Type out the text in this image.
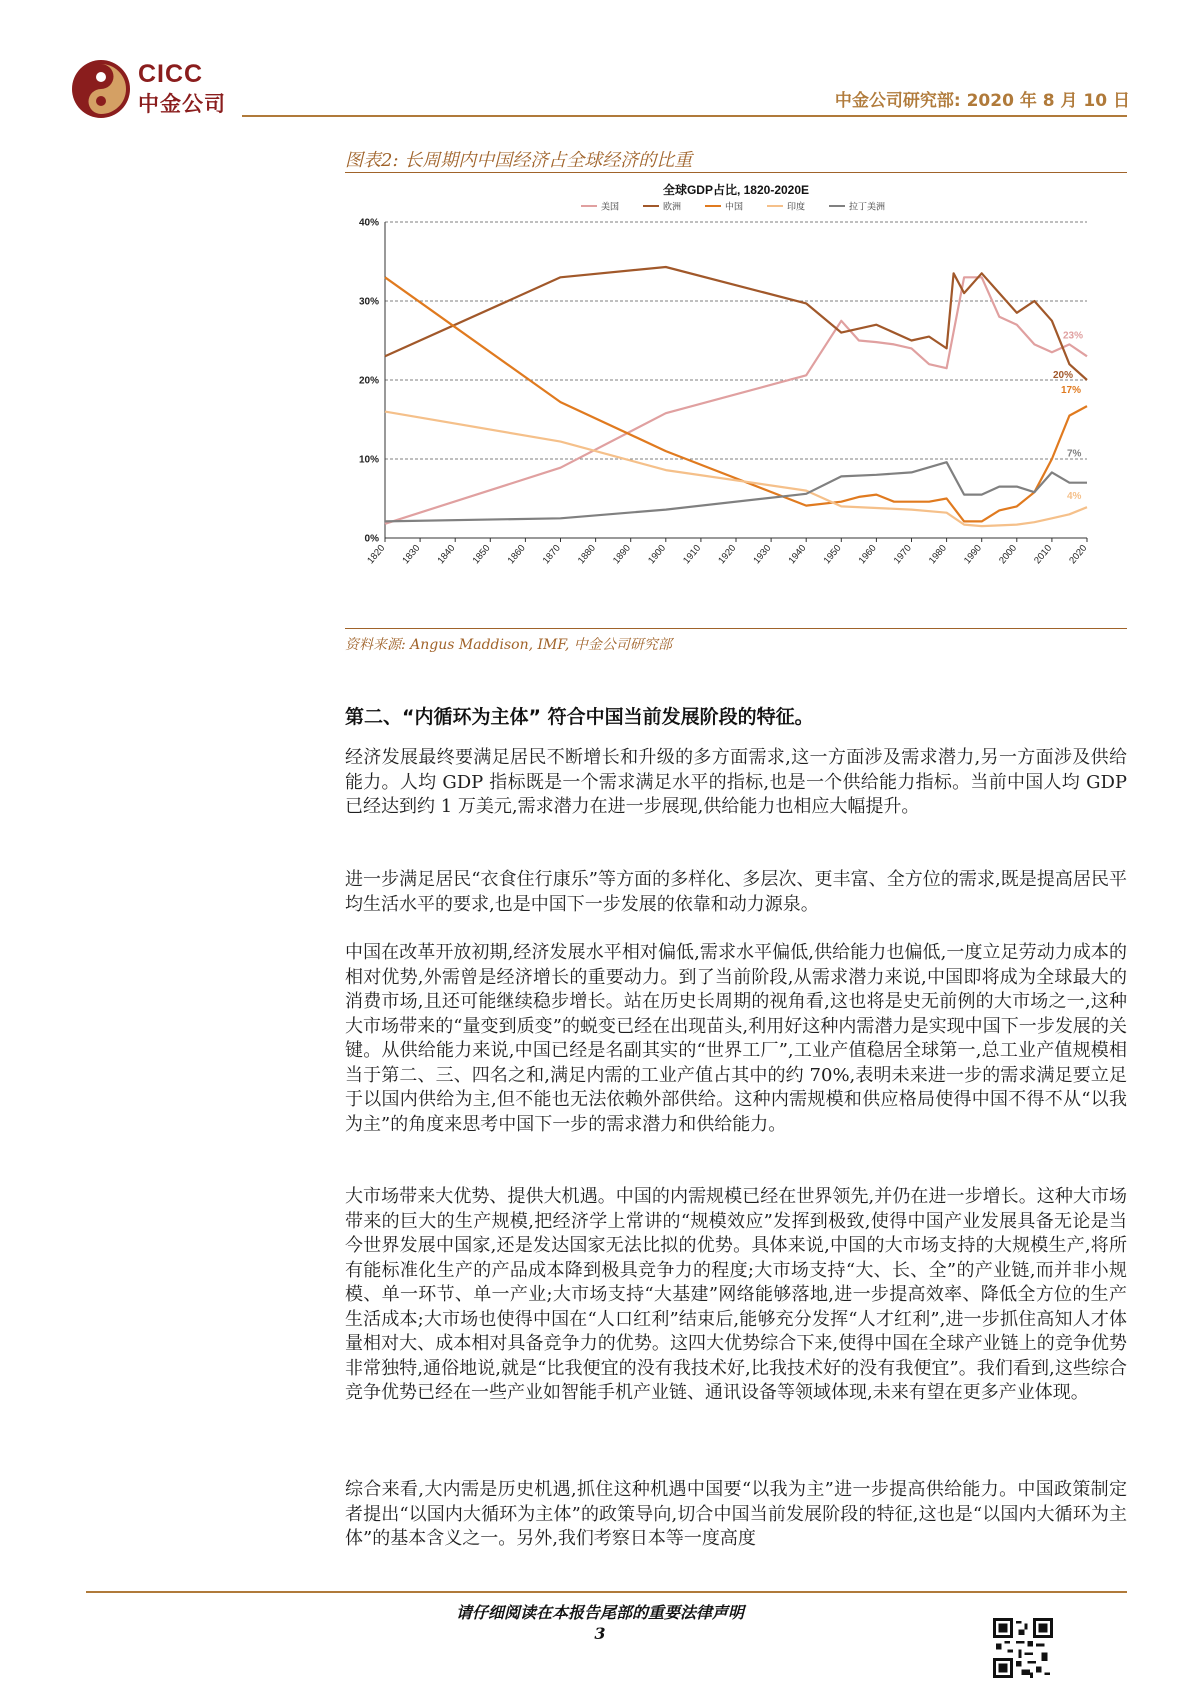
CICC
中金公司	中金公司研究部: 2020 年 8 月 10 日
图表2: 长周期内中国经济占全球经济的比重
全球GDP占比, 1820-2020E
美国	欧洲	中国	印度	拉丁美洲
0%
10%
20%
30%
40%
1820 1830 1840 1850 1860 1870 1880 1890 1900 1910 1920 1930 1940 1950 1960 1970 1980 1990 2000 2010 2020
23%
20%
17%
7%
4%
资料来源: Angus Maddison, IMF, 中金公司研究部
第二、“内循环为主体” 符合中国当前发展阶段的特征。

经济发展最终要满足居民不断增长和升级的多方面需求,这一方面涉及需求潜力,另一方面涉及供给能力。人均 GDP 指标既是一个需求满足水平的指标,也是一个供给能力指标。当前中国人均 GDP 已经达到约 1 万美元,需求潜力在进一步展现,供给能力也相应大幅提升。

进一步满足居民“衣食住行康乐”等方面的多样化、多层次、更丰富、全方位的需求,既是提高居民平均生活水平的要求,也是中国下一步发展的依靠和动力源泉。

中国在改革开放初期,经济发展水平相对偏低,需求水平偏低,供给能力也偏低,一度立足劳动力成本的相对优势,外需曾是经济增长的重要动力。到了当前阶段,从需求潜力来说,中国即将成为全球最大的消费市场,且还可能继续稳步增长。站在历史长周期的视角看,这也将是史无前例的大市场之一,这种大市场带来的“量变到质变”的蜕变已经在出现苗头,利用好这种内需潜力是实现中国下一步发展的关键。从供给能力来说,中国已经是名副其实的“世界工厂”,工业产值稳居全球第一,总工业产值规模相当于第二、三、四名之和,满足内需的工业产值占其中的约 70%,表明未来进一步的需求满足要立足于以国内供给为主,但不能也无法依赖外部供给。这种内需规模和供应格局使得中国不得不从“以我为主”的角度来思考中国下一步的需求潜力和供给能力。

大市场带来大优势、提供大机遇。中国的内需规模已经在世界领先,并仍在进一步增长。这种大市场带来的巨大的生产规模,把经济学上常讲的“规模效应”发挥到极致,使得中国产业发展具备无论是当今世界发展中国家,还是发达国家无法比拟的优势。具体来说,中国的大市场支持的大规模生产,将所有能标准化生产的产品成本降到极具竞争力的程度;大市场支持“大、长、全”的产业链,而并非小规模、单一环节、单一产业;大市场支持“大基建”网络能够落地,进一步提高效率、降低全方位的生产生活成本;大市场也使得中国在“人口红利”结束后,能够充分发挥“人才红利”,进一步抓住高知人才体量相对大、成本相对具备竞争力的优势。这四大优势综合下来,使得中国在全球产业链上的竞争优势非常独特,通俗地说,就是“比我便宜的没有我技术好,比我技术好的没有我便宜”。我们看到,这些综合竞争优势已经在一些产业如智能手机产业链、通讯设备等领域体现,未来有望在更多产业体现。

综合来看,大内需是历史机遇,抓住这种机遇中国要“以我为主”进一步提高供给能力。中国政策制定者提出“以国内大循环为主体”的政策导向,切合中国当前发展阶段的特征,这也是“以国内大循环为主体”的基本含义之一。另外,我们考察日本等一度高度

请仔细阅读在本报告尾部的重要法律声明
3
